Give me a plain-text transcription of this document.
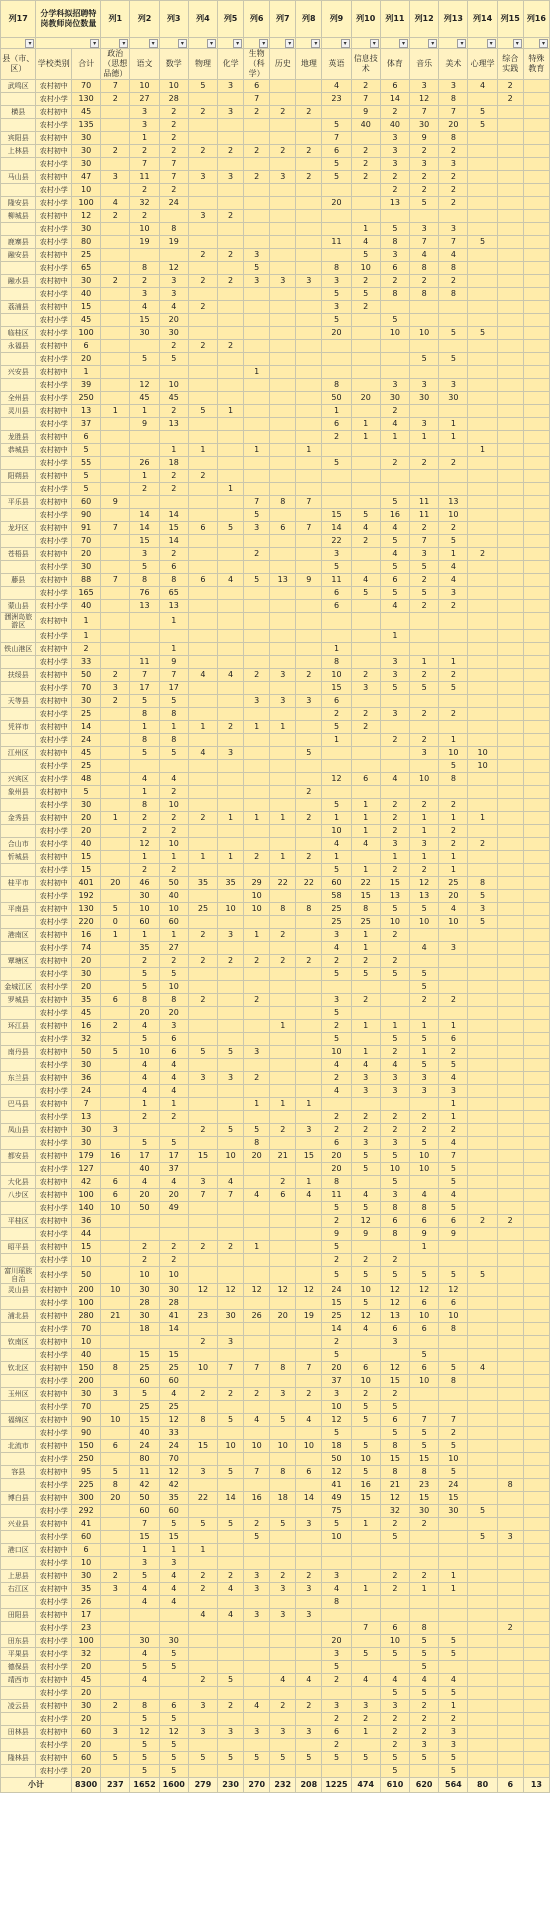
列17	分学科拟招聘特岗教师岗位数量		列1	列2	列3	列4	列5	列6	列7	列8	列9	列10	列11	列12	列13	列14	列15	列16
▾	▾		▾	▾	▾	▾	▾	▾	▾	▾	▾	▾	▾	▾	▾	▾	▾	▾
县（市、区）	学校类别	合计	政治（思想品德）	语文	数学	物理	化学	生物（科学）	历史	地理	英语	信息技术	体育	音乐	美术	心理学	综合实践	特殊教育
武鸣区	农村初中	70	7	10	10	5	3	6			4	2	6	3	3	4	2	
	农村小学	130	2	27	28			7			23	7	14	12	8		2	
横县	农村初中	45		3	2	2	3	2	2	2		9	2	7	7	5		
	农村小学	135		3	2						5	40	40	30	20	5		
宾阳县	农村初中	30		1	2						7		3	9	8			
上林县	农村初中	30	2	2	2	2	2	2	2	2	6	2	3	2	2			
	农村小学	30		7	7						5	2	3	3	3			
马山县	农村初中	47	3	11	7	3	3	2	3	2	5	2	2	2	2			
	农村小学	10		2	2								2	2	2			
隆安县	农村小学	100	4	32	24						20		13	5	2			
柳城县	农村初中	12	2	2		3	2											
	农村小学	30		10	8							1	5	3	3			
鹿寨县	农村小学	80		19	19						11	4	8	7	7	5		
融安县	农村初中	25				2	2	3				5	3	4	4			
	农村小学	65		8	12			5			8	10	6	8	8			
融水县	农村初中	30	2	2	3	2	2	3	3	3	3	2	2	2	2			
	农村小学	40		3	3						5	5	8	8	8			
荔浦县	农村初中	15		4	4	2					3	2						
	农村小学	45		15	20						5		5					
临桂区	农村小学	100		30	30						20		10	10	5	5		
永福县	农村初中	6			2	2	2											
	农村小学	20		5	5									5	5			
兴安县	农村初中	1						1										
	农村小学	39		12	10						8		3	3	3			
全州县	农村小学	250		45	45						50	20	30	30	30			
灵川县	农村初中	13	1	1	2	5	1				1		2					
	农村小学	37		9	13						6	1	4	3	1			
龙胜县	农村初中	6									2	1	1	1	1			
恭城县	农村初中	5			1	1		1		1						1		
	农村小学	55		26	18						5		2	2	2			
阳朔县	农村初中	5		1	2	2												
	农村小学	5		2	2		1											
平乐县	农村初中	60	9					7	8	7			5	11	13			
	农村小学	90		14	14			5			15	5	16	11	10			
龙圩区	农村初中	91	7	14	15	6	5	3	6	7	14	4	4	2	2			
	农村小学	70		15	14						22	2	5	7	5			
苍梧县	农村初中	20		3	2			2			3		4	3	1	2		
	农村小学	30		5	6						5		5	5	4			
藤县	农村初中	88	7	8	8	6	4	5	13	9	11	4	6	2	4			
	农村小学	165		76	65						6	5	5	5	3			
蒙山县	农村小学	40		13	13						6		4	2	2			
涠洲岛旅游区	农村初中	1			1													
	农村小学	1											1					
铁山港区	农村初中	2			1						1							
	农村小学	33		11	9						8		3	1	1			
扶绥县	农村初中	50	2	7	7	4	4	2	3	2	10	2	3	2	2			
	农村小学	70	3	17	17						15	3	5	5	5			
天等县	农村初中	30	2	5	5			3	3	3	6							
	农村小学	25		8	8						2	2	3	2	2			
凭祥市	农村初中	14		1	1	1	2	1	1		5	2						
	农村小学	24		8	8						1		2	2	1			
江州区	农村初中	45		5	5	4	3			5				3	10	10		
	农村小学	25													5	10		
兴宾区	农村小学	48		4	4						12	6	4	10	8			
象州县	农村初中	5		1	2					2								
	农村小学	30		8	10						5	1	2	2	2			
金秀县	农村初中	20	1	2	2	2	1	1	1	2	1	1	2	1	1	1		
	农村小学	20		2	2						10	1	2	1	2			
合山市	农村小学	40		12	10						4	4	3	3	2	2		
忻城县	农村初中	15		1	1	1	1	2	1	2	1		1	1	1			
	农村小学	15		2	2						5	1	2	2	1			
桂平市	农村初中	401	20	46	50	35	35	29	22	22	60	22	15	12	25	8		
	农村小学	192		30	40			10			58	15	13	13	20	5		
平南县	农村初中	130	5	10	10	25	10	10	8	8	25	8	5	5	4	3		
	农村小学	220	0	60	60						25	25	10	10	10	5		
港南区	农村初中	16	1	1	1	2	3	1	2		3	1	2					
	农村小学	74		35	27						4	1		4	3			
覃塘区	农村初中	20		2	2	2	2	2	2	2	2	2	2					
	农村小学	30		5	5						5	5	5	5				
金城江区	农村小学	20		5	10									5				
罗城县	农村初中	35	6	8	8	2		2			3	2		2	2			
	农村小学	45		20	20						5							
环江县	农村初中	16	2	4	3				1		2	1	1	1	1			
	农村小学	32		5	6						5		5	5	6			
南丹县	农村初中	50	5	10	6	5	5	3			10	1	2	1	2			
	农村小学	30		4	4						4	4	4	5	5			
东兰县	农村初中	36		4	4	3	3	2			2	3	3	3	4			
	农村小学	24		4	4						4	3	3	3	3			
巴马县	农村初中	7		1	1			1	1	1					1			
	农村小学	13		2	2						2	2	2	2	1			
凤山县	农村初中	30	3			2	5	5	2	3	2	2	2	2	2			
	农村小学	30		5	5			8			6	3	3	5	4			
都安县	农村初中	179	16	17	17	15	10	20	21	15	20	5	5	10	7			
	农村小学	127		40	37						20	5	10	10	5			
大化县	农村初中	42	6	4	4	3	4		2	1	8		5		5			
八步区	农村初中	100	6	20	20	7	7	4	6	4	11	4	3	4	4			
	农村小学	140	10	50	49						5	5	8	8	5			
平桂区	农村初中	36									2	12	6	6	6	2	2	
	农村小学	44									9	9	8	9	9			
昭平县	农村初中	15		2	2	2	2	1			5			1				
	农村小学	10		2	2						2	2	2					
富川瑶族自治	农村小学	50		10	10						5	5	5	5	5	5		
灵山县	农村初中	200	10	30	30	12	12	12	12	12	24	10	12	12	12			
	农村小学	100		28	28						15	5	12	6	6			
浦北县	农村初中	280	21	30	41	23	30	26	20	19	25	12	13	10	10			
	农村小学	70		18	14						14	4	6	6	8			
钦南区	农村初中	10				2	3				2		3					
	农村小学	40		15	15						5			5				
钦北区	农村初中	150	8	25	25	10	7	7	8	7	20	6	12	6	5	4		
	农村小学	200		60	60						37	10	15	10	8			
玉州区	农村初中	30	3	5	4	2	2	2	3	2	3	2	2					
	农村小学	70		25	25						10	5	5					
福绵区	农村初中	90	10	15	12	8	5	4	5	4	12	5	6	7	7			
	农村小学	90		40	33						5		5	5	2			
北流市	农村初中	150	6	24	24	15	10	10	10	10	18	5	8	5	5			
	农村小学	250		80	70						50	10	15	15	10			
容县	农村初中	95	5	11	12	3	5	7	8	6	12	5	8	8	5			
	农村小学	225	8	42	42						41	16	21	23	24		8	
博白县	农村初中	300	20	50	35	22	14	16	18	14	49	15	12	15	15			
	农村小学	292		60	60						75		32	30	30	5		
兴业县	农村初中	41		7	5	5	5	2	5	3	5	1	2	2				
	农村小学	60		15	15			5			10		5			5	3	
港口区	农村初中	6		1	1	1												
	农村小学	10		3	3													
上思县	农村初中	30	2	5	4	2	2	3	2	2	3		2	2	1			
右江区	农村初中	35	3	4	4	2	4	3	3	3	4	1	2	1	1			
	农村小学	26		4	4						8							
田阳县	农村初中	17				4	4	3	3	3								
	农村小学	23										7	6	8			2	
田东县	农村小学	100		30	30						20		10	5	5			
平果县	农村小学	32		4	5						3	5	5	5	5			
德保县	农村小学	20		5	5						5			5				
靖西市	农村初中	45		4		2	5		4	4	2	4	4	4	4			
	农村小学	20											5	5	5			
凌云县	农村初中	30	2	8	6	3	2	4	2	2	3	3	3	2	1			
	农村小学	20		5	5						2	2	2	2	2			
田林县	农村初中	60	3	12	12	3	3	3	3	3	6	1	2	2	3			
	农村小学	20		5	5						2		2	3	3			
隆林县	农村初中	60	5	5	5	5	5	5	5	5	5	5	5	5	5			
	农村小学	20		5	5								5		5			
小计		8300	237	1652	1600	279	230	270	232	208	1225	474	610	620	564	80	6	13
